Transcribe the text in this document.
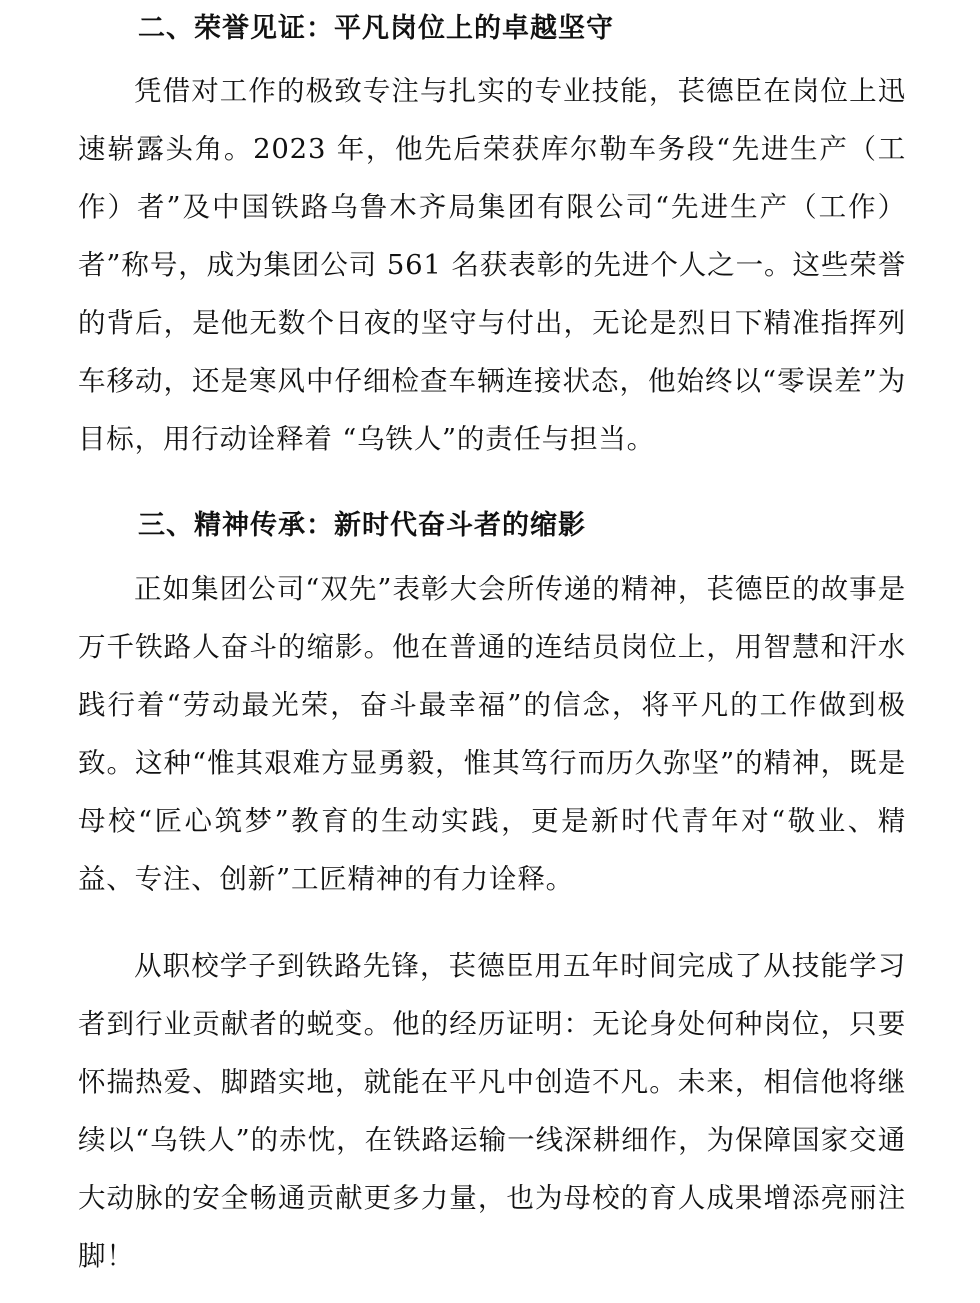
二、荣誉见证：平凡岗位上的卓越坚守

凭借对工作的极致专注与扎实的专业技能，苌德臣在岗位上迅速崭露头角。2023 年，他先后荣获库尔勒车务段“先进生产（工作）者”及中国铁路乌鲁木齐局集团有限公司“先进生产（工作）者”称号，成为集团公司 561 名获表彰的先进个人之一。这些荣誉的背后，是他无数个日夜的坚守与付出，无论是烈日下精准指挥列车移动，还是寒风中仔细检查车辆连接状态，他始终以“零误差”为目标，用行动诠释着 “乌铁人”的责任与担当。

三、精神传承：新时代奋斗者的缩影

正如集团公司“双先”表彰大会所传递的精神，苌德臣的故事是万千铁路人奋斗的缩影。他在普通的连结员岗位上，用智慧和汗水践行着“劳动最光荣，奋斗最幸福”的信念，将平凡的工作做到极致。这种“惟其艰难方显勇毅，惟其笃行而历久弥坚”的精神，既是母校“匠心筑梦”教育的生动实践，更是新时代青年对“敬业、精益、专注、创新”工匠精神的有力诠释。

从职校学子到铁路先锋，苌德臣用五年时间完成了从技能学习者到行业贡献者的蜕变。他的经历证明：无论身处何种岗位，只要怀揣热爱、脚踏实地，就能在平凡中创造不凡。未来，相信他将继续以“乌铁人”的赤忱，在铁路运输一线深耕细作，为保障国家交通大动脉的安全畅通贡献更多力量，也为母校的育人成果增添亮丽注脚！
